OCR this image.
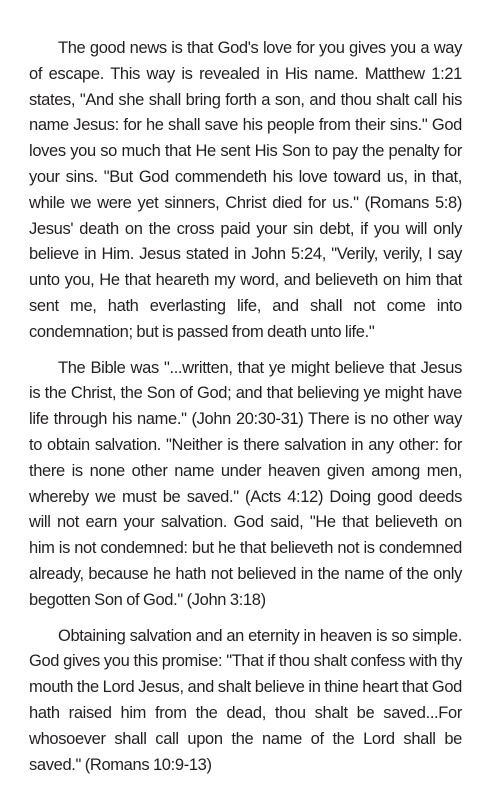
The good news is that God's love for you gives you a way of escape. This way is revealed in His name. Matthew 1:21 states, "And she shall bring forth a son, and thou shalt call his name Jesus: for he shall save his people from their sins." God loves you so much that He sent His Son to pay the penalty for your sins. "But God commendeth his love toward us, in that, while we were yet sinners, Christ died for us." (Romans 5:8) Jesus' death on the cross paid your sin debt, if you will only believe in Him. Jesus stated in John 5:24, "Verily, verily, I say unto you, He that heareth my word, and believeth on him that sent me, hath everlasting life, and shall not come into condemnation; but is passed from death unto life."

The Bible was "...written, that ye might believe that Jesus is the Christ, the Son of God; and that believing ye might have life through his name." (John 20:30-31) There is no other way to obtain salvation. "Neither is there salvation in any other: for there is none other name under heaven given among men, whereby we must be saved." (Acts 4:12) Doing good deeds will not earn your salvation. God said, "He that believeth on him is not condemned: but he that believeth not is condemned already, because he hath not believed in the name of the only begotten Son of God." (John 3:18)

Obtaining salvation and an eternity in heaven is so simple. God gives you this promise: "That if thou shalt confess with thy mouth the Lord Jesus, and shalt believe in thine heart that God hath raised him from the dead, thou shalt be saved...For whosoever shall call upon the name of the Lord shall be saved." (Romans 10:9-13)
